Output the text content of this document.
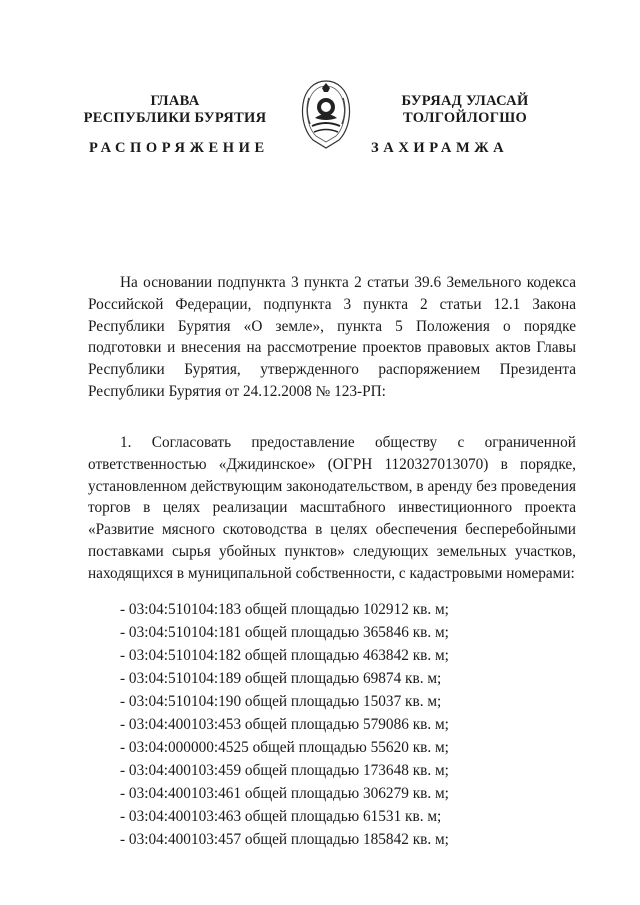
ГЛАВА
РЕСПУБЛИКИ БУРЯТИЯ
БУРЯАД УЛАСАЙ
ТОЛГОЙЛОГШО
РАСПОРЯЖЕНИЕ	ЗАХИРАМЖА
На основании подпункта 3 пункта 2 статьи 39.6 Земельного кодекса Российской Федерации, подпункта 3 пункта 2 статьи 12.1 Закона Республики Бурятия «О земле», пункта 5 Положения о порядке подготовки и внесения на рассмотрение проектов правовых актов Главы Республики Бурятия, утвержденного распоряжением Президента Республики Бурятия от 24.12.2008 № 123-РП:
1. Согласовать предоставление обществу с ограниченной ответственностью «Джидинское» (ОГРН 1120327013070) в порядке, установленном действующим законодательством, в аренду без проведения торгов в целях реализации масштабного инвестиционного проекта «Развитие мясного скотоводства в целях обеспечения бесперебойными поставками сырья убойных пунктов» следующих земельных участков, находящихся в муниципальной собственности, с кадастровыми номерами:
- 03:04:510104:183 общей площадью 102912 кв. м;
- 03:04:510104:181 общей площадью 365846 кв. м;
- 03:04:510104:182 общей площадью 463842 кв. м;
- 03:04:510104:189 общей площадью 69874 кв. м;
- 03:04:510104:190 общей площадью 15037 кв. м;
- 03:04:400103:453 общей площадью 579086 кв. м;
- 03:04:000000:4525 общей площадью 55620 кв. м;
- 03:04:400103:459 общей площадью 173648 кв. м;
- 03:04:400103:461 общей площадью 306279 кв. м;
- 03:04:400103:463 общей площадью 61531 кв. м;
- 03:04:400103:457 общей площадью 185842 кв. м;
